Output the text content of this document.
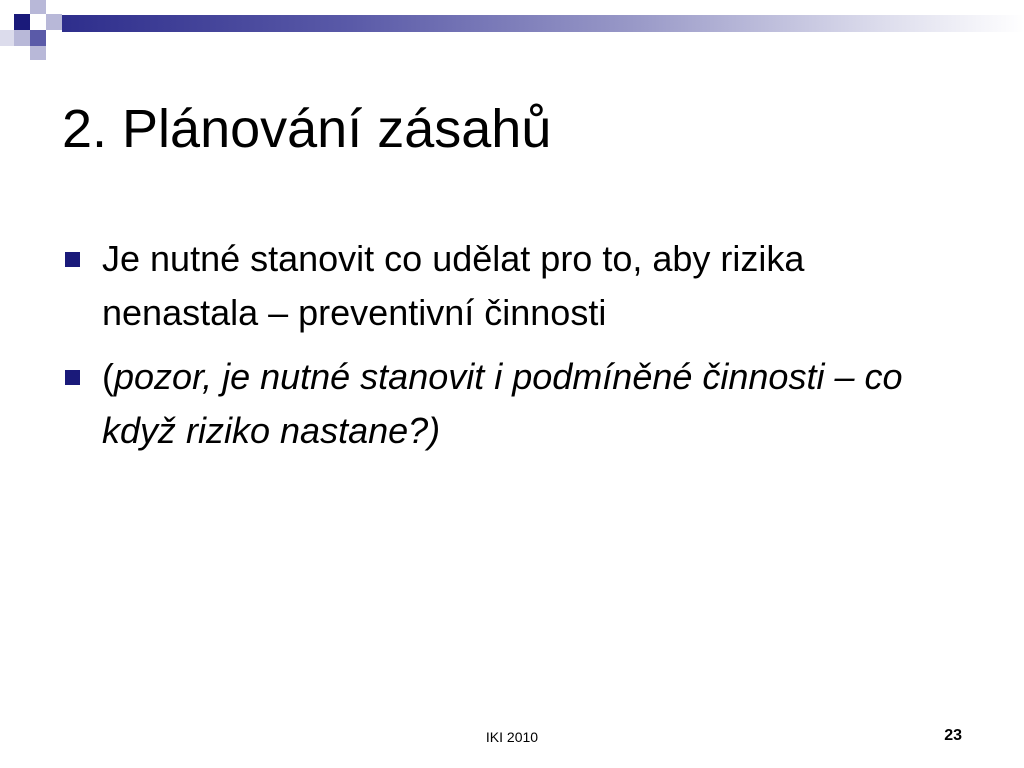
2. Plánování zásahů
Je nutné stanovit co udělat pro to, aby rizika nenastala – preventivní činnosti
(pozor, je nutné stanovit i podmíněné činnosti – co když riziko nastane?)
IKI 2010	23
